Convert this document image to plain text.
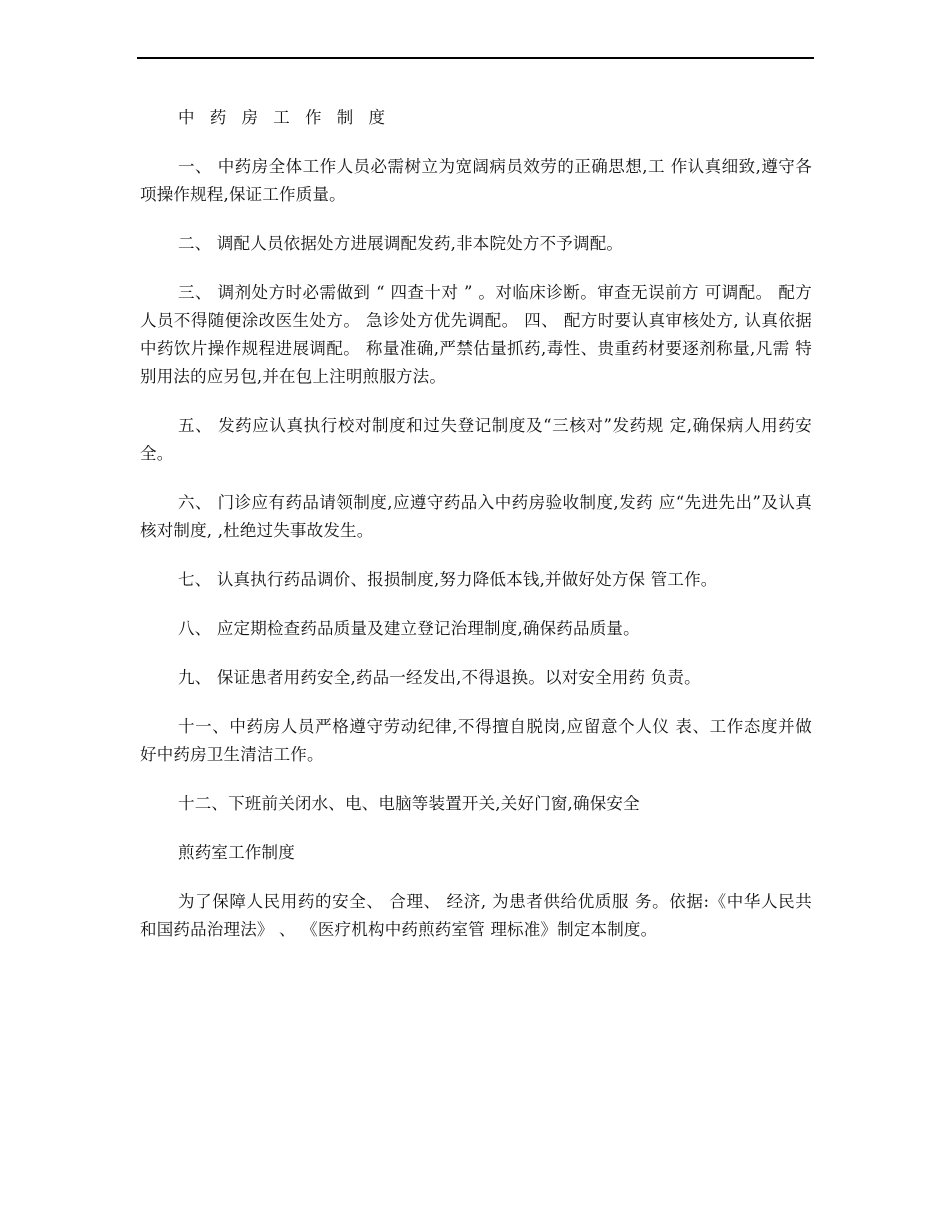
中 药 房 工 作 制 度

一、 中药房全体工作人员必需树立为宽阔病员效劳的正确思想,工 作认真细致,遵守各项操作规程,保证工作质量。

二、 调配人员依据处方进展调配发药,非本院处方不予调配。

三、 调剂处方时必需做到 “ 四查十对 ” 。对临床诊断。审查无误前方 可调配。 配方人员不得随便涂改医生处方。 急诊处方优先调配。 四、 配方时要认真审核处方, 认真依据中药饮片操作规程进展调配。 称量准确,严禁估量抓药,毒性、贵重药材要逐剂称量,凡需 特别用法的应另包,并在包上注明煎服方法。

五、 发药应认真执行校对制度和过失登记制度及“三核对”发药规 定,确保病人用药安全。

六、 门诊应有药品请领制度,应遵守药品入中药房验收制度,发药 应“先进先出”及认真核对制度, ,杜绝过失事故发生。

七、 认真执行药品调价、报损制度,努力降低本钱,并做好处方保 管工作。

八、 应定期检查药品质量及建立登记治理制度,确保药品质量。

九、 保证患者用药安全,药品一经发出,不得退换。以对安全用药 负责。

十一、中药房人员严格遵守劳动纪律,不得擅自脱岗,应留意个人仪 表、工作态度并做好中药房卫生清洁工作。

十二、下班前关闭水、电、电脑等装置开关,关好门窗,确保安全

煎药室工作制度

为了保障人民用药的安全、 合理、 经济, 为患者供给优质服 务。依据:《中华人民共和国药品治理法》 、 《医疗机构中药煎药室管 理标准》制定本制度。
